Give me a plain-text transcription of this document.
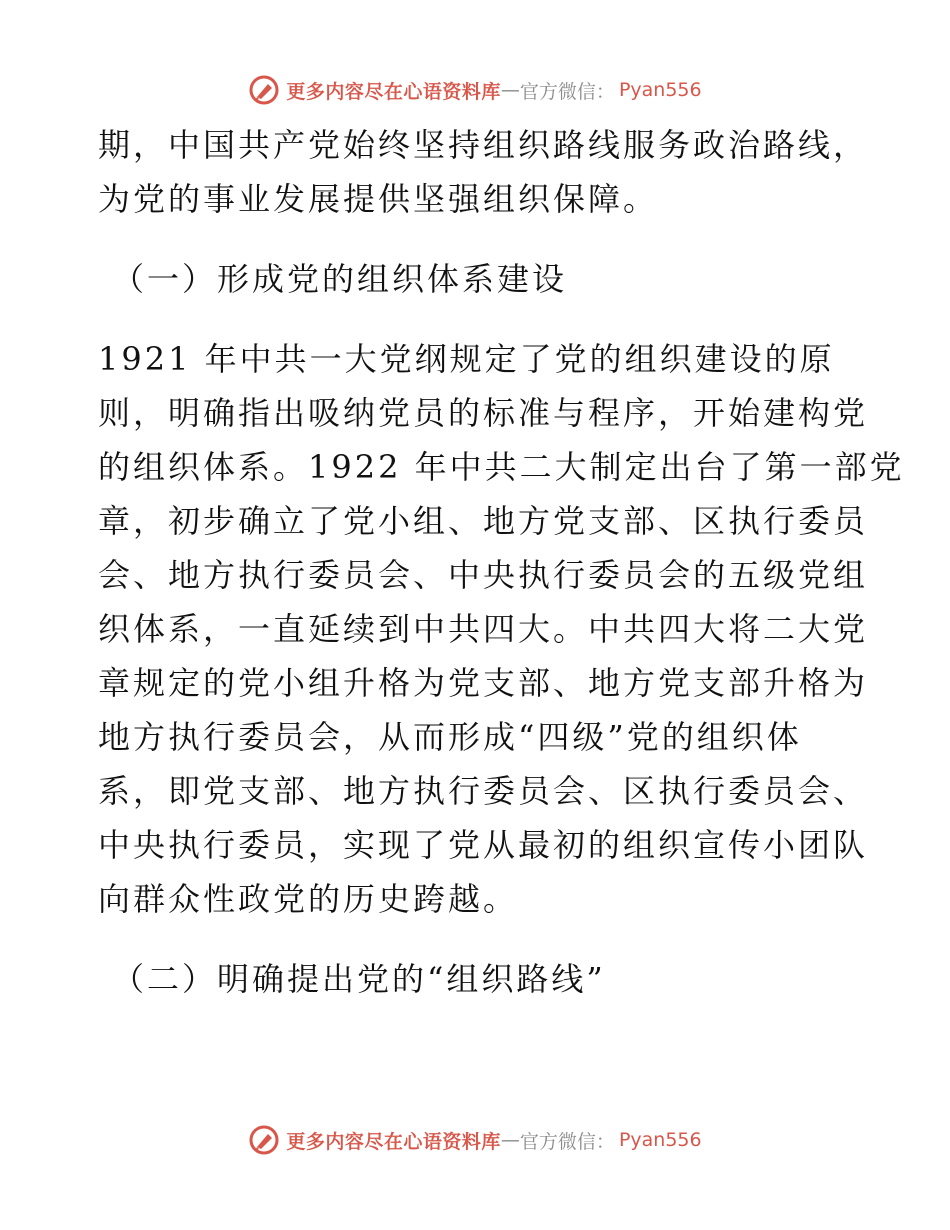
更多内容尽在心语资料库 — 官方微信： Pyan556

期，中国共产党始终坚持组织路线服务政治路线，
为党的事业发展提供坚强组织保障。

（一）形成党的组织体系建设

1921 年中共一大党纲规定了党的组织建设的原
则，明确指出吸纳党员的标准与程序，开始建构党
的组织体系。1922 年中共二大制定出台了第一部党
章，初步确立了党小组、地方党支部、区执行委员
会、地方执行委员会、中央执行委员会的五级党组
织体系，一直延续到中共四大。中共四大将二大党
章规定的党小组升格为党支部、地方党支部升格为
地方执行委员会，从而形成“四级”党的组织体
系，即党支部、地方执行委员会、区执行委员会、
中央执行委员，实现了党从最初的组织宣传小团队
向群众性政党的历史跨越。

（二）明确提出党的“组织路线”

更多内容尽在心语资料库 — 官方微信： Pyan556
